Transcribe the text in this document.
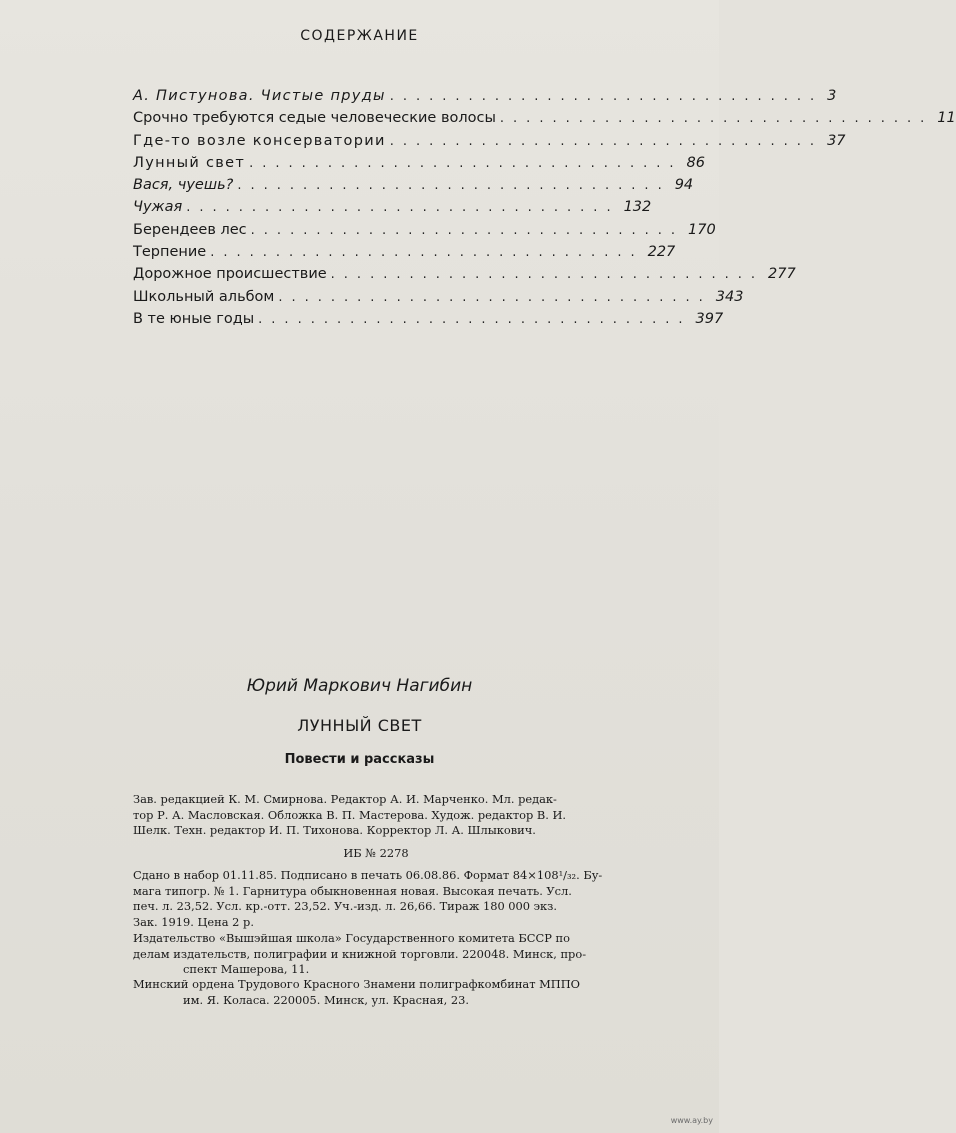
СОДЕРЖАНИЕ
А. Пистунова. Чистые пруды ................................. 3
Срочно требуются седые человеческие волосы ................................. 11
Где-то возле консерватории ................................. 37
Лунный свет ................................. 86
Вася, чуешь? ................................. 94
Чужая ................................. 132
Берендеев лес ................................. 170
Терпение ................................. 227
Дорожное происшествие ................................. 277
Школьный альбом ................................. 343
В те юные годы ................................. 397
Юрий Маркович Нагибин
ЛУННЫЙ СВЕТ
Повести и рассказы
Зав. редакцией К. М. Смирнова. Редактор А. И. Марченко. Мл. редак-
тор Р. А. Масловская. Обложка В. П. Мастерова. Худож. редактор В. И.
Шелк. Техн. редактор И. П. Тихонова. Корректор Л. А. Шлыкович.
ИБ № 2278
Сдано в набор 01.11.85. Подписано в печать 06.08.86. Формат 84×108¹/₃₂. Бу-
мага типогр. № 1. Гарнитура обыкновенная новая. Высокая печать. Усл.
печ. л. 23,52. Усл. кр.-отт. 23,52. Уч.-изд. л. 26,66. Тираж 180 000 экз.
Зак. 1919. Цена 2 р.
Издательство «Вышэйшая школа» Государственного комитета БССР по
делам издательств, полиграфии и книжной торговли. 220048. Минск, про-
спект Машерова, 11.
Минский ордена Трудового Красного Знамени полиграфкомбинат МППО
им. Я. Коласа. 220005. Минск, ул. Красная, 23.
www.ay.by
